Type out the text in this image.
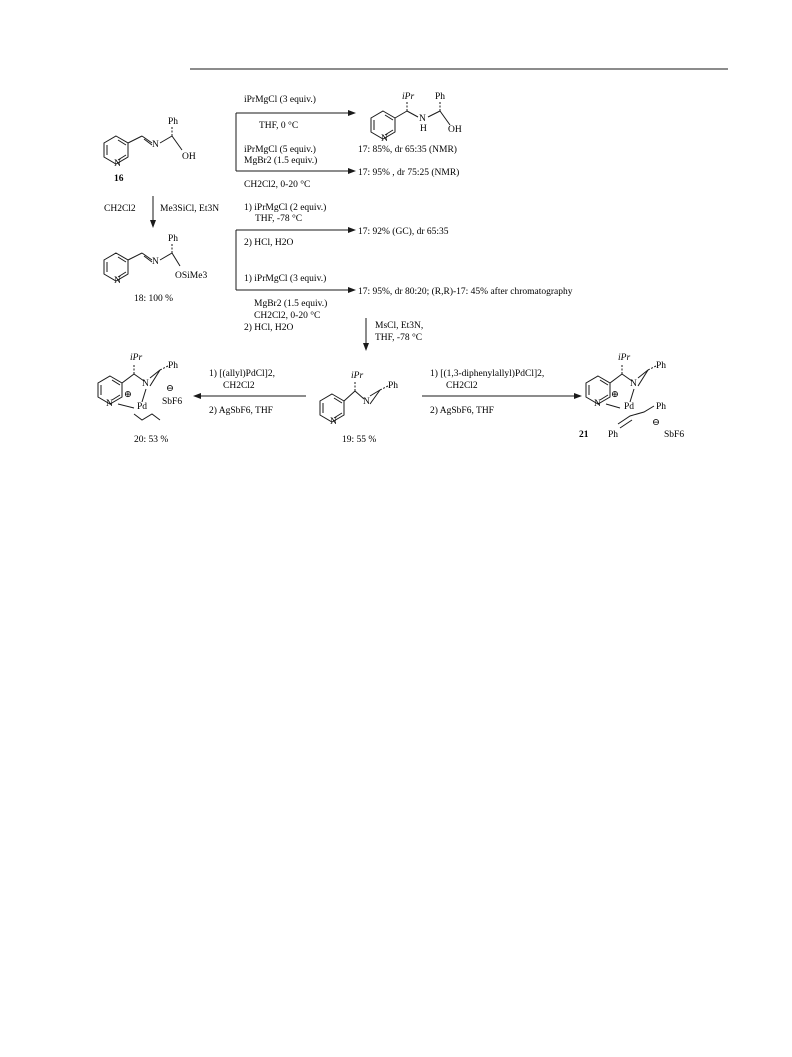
N
N
Ph
OH
16
N
iPr
N
H
Ph
OH
N
N
Ph
OSiMe3
18: 100 %
N
iPr
N
Ph
19: 55 %
N
iPr
N
Ph
Pd
⊕
⊖
SbF6
20: 53 %
N
iPr
N
Ph
Pd
⊕
Ph
Ph
⊖
SbF6
21
iPrMgCl (3 equiv.)
THF, 0 °C
iPrMgCl (5 equiv.)
MgBr2 (1.5 equiv.)
CH2Cl2, 0-20 °C
CH2Cl2	Me3SiCl, Et3N	1) iPrMgCl (2 equiv.)
THF, -78 °C
2) HCl, H2O
1) iPrMgCl (3 equiv.)
MgBr2 (1.5 equiv.)
CH2Cl2, 0-20 °C
2) HCl, H2O	MsCl, Et3N,
THF, -78 °C
1) [(allyl)PdCl]2,
CH2Cl2
2) AgSbF6, THF
1) [(1,3-diphenylallyl)PdCl]2,
CH2Cl2
2) AgSbF6, THF
17: 85%, dr 65:35 (NMR)
17: 95% , dr 75:25 (NMR)
17: 92% (GC), dr 65:35
17: 95%, dr 80:20; (R,R)-17: 45% after chromatography
